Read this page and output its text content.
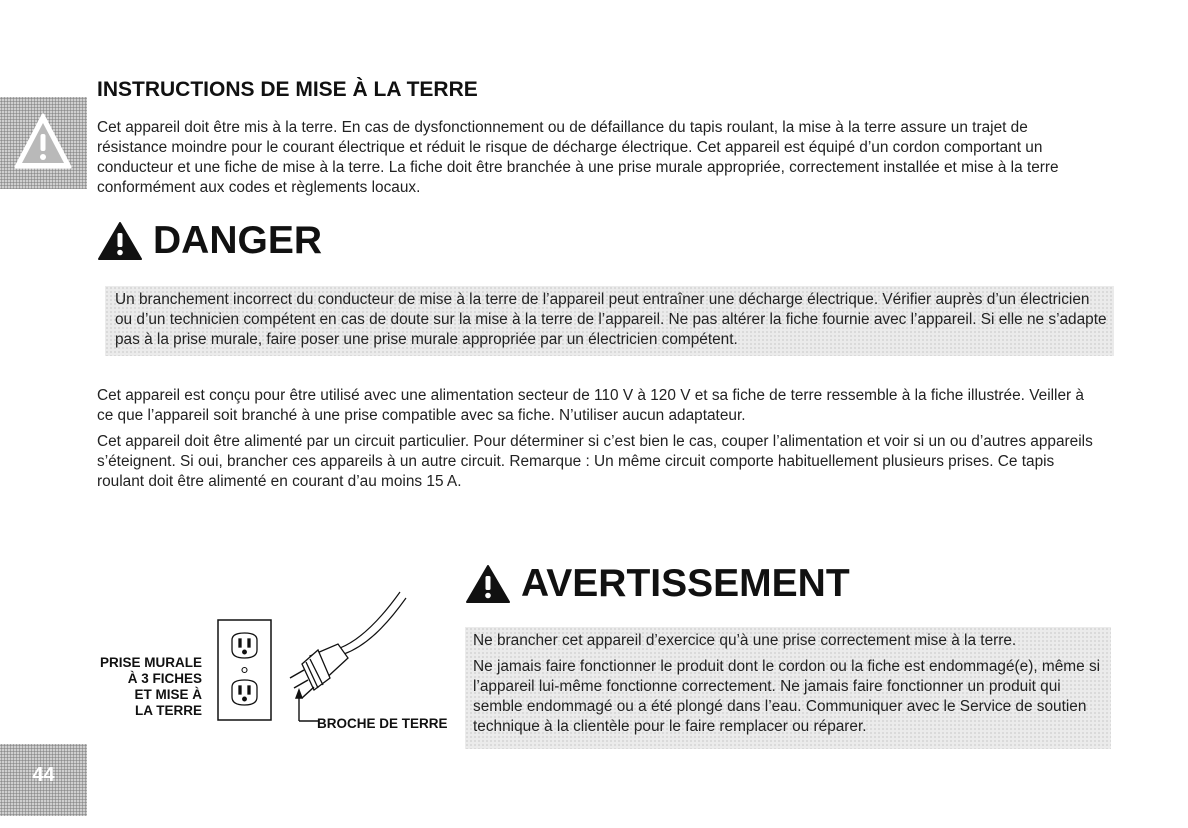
44
INSTRUCTIONS DE MISE À LA TERRE

Cet appareil doit être mis à la terre. En cas de dysfonctionnement ou de défaillance du tapis roulant, la mise à la terre assure un trajet de résistance moindre pour le courant électrique et réduit le risque de décharge électrique. Cet appareil est équipé d’un cordon comportant un conducteur et une fiche de mise à la terre. La fiche doit être branchée à une prise murale appropriée, correctement installée et mise à la terre conformément aux codes et règlements locaux.

DANGER
Un branchement incorrect du conducteur de mise à la terre de l’appareil peut entraîner une décharge électrique. Vérifier auprès d’un électricien ou d’un technicien compétent en cas de doute sur la mise à la terre de l’appareil. Ne pas altérer la fiche fournie avec l’appareil. Si elle ne s’adapte pas à la prise murale, faire poser une prise murale appropriée par un électricien compétent.

Cet appareil est conçu pour être utilisé avec une alimentation secteur de 110 V à 120 V et sa fiche de terre ressemble à la fiche illustrée. Veiller à ce que l’appareil soit branché à une prise compatible avec sa fiche. N’utiliser aucun adaptateur.

Cet appareil doit être alimenté par un circuit particulier. Pour déterminer si c’est bien le cas, couper l’alimentation et voir si un ou d’autres appareils s’éteignent. Si oui, brancher ces appareils à un autre circuit. Remarque : Un même circuit comporte habituellement plusieurs prises. Ce tapis roulant doit être alimenté en courant d’au moins 15 A.

PRISE MURALE
À 3 FICHES
ET MISE À
LA TERRE
BROCHE DE TERRE
AVERTISSEMENT

Ne brancher cet appareil d’exercice qu’à une prise correctement mise à la terre.

Ne jamais faire fonctionner le produit dont le cordon ou la fiche est endommagé(e), même si l’appareil lui-même fonctionne correctement. Ne jamais faire fonctionner un produit qui semble endommagé ou a été plongé dans l’eau. Communiquer avec le Service de soutien technique à la clientèle pour le faire remplacer ou réparer.
